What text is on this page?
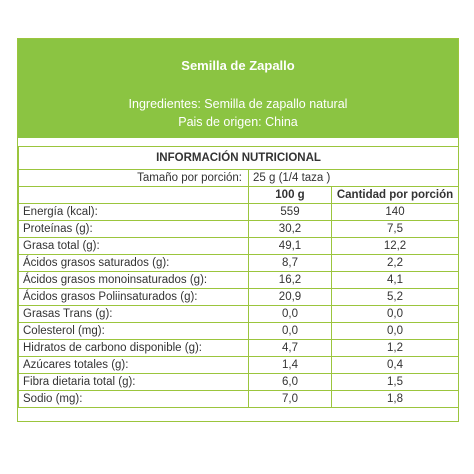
Semilla de Zapallo
Ingredientes: Semilla de zapallo natural
Pais de origen: China
INFORMACIÓN NUTRICIONAL		
Tamaño por porción:	25 g (1/4 taza )	
	100 g	Cantidad por porción
Energía (kcal):	559	140
Proteínas (g):	30,2	7,5
Grasa total (g):	49,1	12,2
Ácidos grasos saturados (g):	8,7	2,2
Ácidos grasos monoinsaturados (g):	16,2	4,1
Ácidos grasos Poliinsaturados (g):	20,9	5,2
Grasas Trans (g):	0,0	0,0
Colesterol (mg):	0,0	0,0
Hidratos de carbono disponible (g):	4,7	1,2
Azúcares totales (g):	1,4	0,4
Fibra dietaria total (g):	6,0	1,5
Sodio (mg):	7,0	1,8
